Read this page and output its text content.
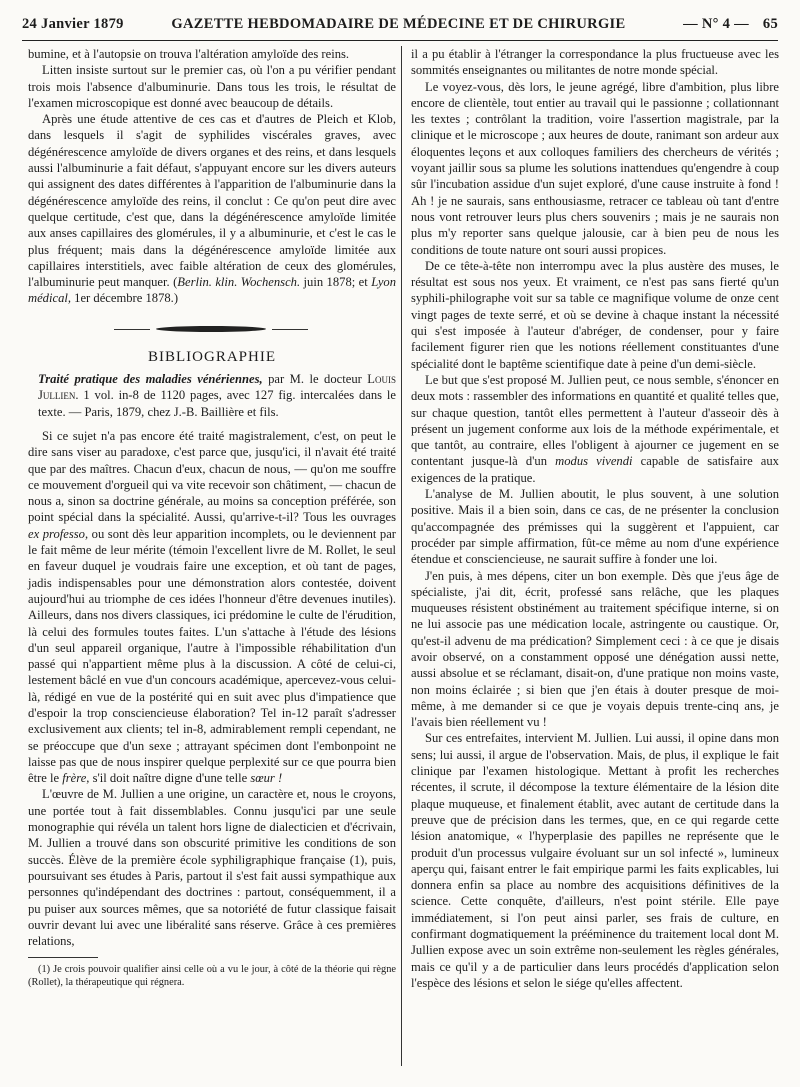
24 Janvier 1879	GAZETTE HEBDOMADAIRE DE MÉDECINE ET DE CHIRURGIE	— N° 4 — 65

bumine, et à l'autopsie on trouva l'altération amyloïde des reins.

Litten insiste surtout sur le premier cas, où l'on a pu vérifier pendant trois mois l'absence d'albuminurie. Dans tous les trois, le résultat de l'examen microscopique est donné avec beaucoup de détails.

Après une étude attentive de ces cas et d'autres de Pleich et Klob, dans lesquels il s'agit de syphilides viscérales graves, avec dégénérescence amyloïde de divers organes et des reins, et dans lesquels aussi l'albuminurie a fait défaut, s'appuyant encore sur les divers auteurs qui assignent des dates différentes à l'apparition de l'albuminurie dans la dégénérescence amyloïde des reins, il conclut : Ce qu'on peut dire avec quelque certitude, c'est que, dans la dégénérescence amyloïde limitée aux anses capillaires des glomérules, il y a albuminurie, et c'est le cas le plus fréquent; mais dans la dégénérescence amyloïde limitée aux capillaires interstitiels, avec faible altération de ceux des glomérules, l'albuminurie peut manquer. (Berlin. klin. Wochensch. juin 1878; et Lyon médical, 1er décembre 1878.)

BIBLIOGRAPHIE

Traité pratique des maladies vénériennes, par M. le docteur Louis Jullien. 1 vol. in-8 de 1120 pages, avec 127 fig. intercalées dans le texte. — Paris, 1879, chez J.-B. Baillière et fils.

Si ce sujet n'a pas encore été traité magistralement, c'est, on peut le dire sans viser au paradoxe, c'est parce que, jusqu'ici, il n'avait été traité que par des maîtres. Chacun d'eux, chacun de nous, — qu'on me souffre ce mouvement d'orgueil qui va vite recevoir son châtiment, — chacun de nous a, sinon sa doctrine générale, au moins sa conception préférée, son point spécial dans la spécialité. Aussi, qu'arrive-t-il? Tous les ouvrages ex professo, ou sont dès leur apparition incomplets, ou le deviennent par le fait même de leur mérite (témoin l'excellent livre de M. Rollet, le seul en faveur duquel je voudrais faire une exception, et où tant de pages, jadis indispensables pour une démonstration alors contestée, doivent aujourd'hui au triomphe de ces idées l'honneur d'être devenues inutiles). Ailleurs, dans nos divers classiques, ici prédomine le culte de l'érudition, là celui des formules toutes faites. L'un s'attache à l'étude des lésions d'un seul appareil organique, l'autre à l'impossible réhabilitation d'un passé qui n'appartient même plus à la discussion. A côté de celui-ci, lestement bâclé en vue d'un concours académique, apercevez-vous celui-là, rédigé en vue de la postérité qui en suit avec plus d'impatience que d'espoir la trop consciencieuse élaboration? Tel in-12 paraît s'adresser exclusivement aux clients; tel in-8, admirablement rempli cependant, ne se préoccupe que d'un sexe ; attrayant spécimen dont l'embonpoint ne laisse pas que de nous inspirer quelque perplexité sur ce que pourra bien être le frère, s'il doit naître digne d'une telle sœur !

L'œuvre de M. Jullien a une origine, un caractère et, nous le croyons, une portée tout à fait dissemblables. Connu jusqu'ici par une seule monographie qui révéla un talent hors ligne de dialecticien et d'écrivain, M. Jullien a trouvé dans son obscurité primitive les conditions de son succès. Élève de la première école syphiligraphique française (1), puis, poursuivant ses études à Paris, partout il s'est fait aussi sympathique aux personnes qu'indépendant des doctrines : partout, conséquemment, il a pu puiser aux sources mêmes, que sa notoriété de futur classique faisait ouvrir devant lui avec une libéralité sans réserve. Grâce à ces premières relations,

(1) Je crois pouvoir qualifier ainsi celle où a vu le jour, à côté de la théorie qui règne (Rollet), la thérapeutique qui régnera.

il a pu établir à l'étranger la correspondance la plus fructueuse avec les sommités enseignantes ou militantes de notre monde spécial.

Le voyez-vous, dès lors, le jeune agrégé, libre d'ambition, plus libre encore de clientèle, tout entier au travail qui le passionne ; collationnant les textes ; contrôlant la tradition, voire l'assertion magistrale, par la clinique et le microscope ; aux heures de doute, ranimant son ardeur aux éloquentes leçons et aux colloques familiers des chercheurs de vérités ; voyant jaillir sous sa plume les solutions inattendues qu'engendre à coup sûr l'incubation assidue d'un sujet exploré, d'une cause instruite à fond ! Ah ! je ne saurais, sans enthousiasme, retracer ce tableau où tant d'entre nous vont retrouver leurs plus chers souvenirs ; mais je ne saurais non plus m'y reporter sans quelque jalousie, car à bien peu de nous les conditions de toute nature ont souri aussi propices.

De ce tête-à-tête non interrompu avec la plus austère des muses, le résultat est sous nos yeux. Et vraiment, ce n'est pas sans fierté qu'un syphili-philographe voit sur sa table ce magnifique volume de onze cent vingt pages de texte serré, et où se devine à chaque instant la nécessité qui s'est imposée à l'auteur d'abréger, de condenser, pour y faire facilement figurer rien que les notions réellement constituantes d'une spécialité dont le baptême scientifique date à peine d'un demi-siècle.

Le but que s'est proposé M. Jullien peut, ce nous semble, s'énoncer en deux mots : rassembler des informations en quantité et qualité telles que, sur chaque question, tantôt elles permettent à l'auteur d'asseoir dès à présent un jugement conforme aux lois de la méthode expérimentale, et que tantôt, au contraire, elles l'obligent à ajourner ce jugement en se contentant jusque-là d'un modus vivendi capable de satisfaire aux exigences de la pratique.

L'analyse de M. Jullien aboutit, le plus souvent, à une solution positive. Mais il a bien soin, dans ce cas, de ne présenter la conclusion qu'accompagnée des prémisses qui la suggèrent et l'appuient, car procéder par simple affirmation, fût-ce même au nom d'une expérience étendue et consciencieuse, ne saurait suffire à fonder une loi.

J'en puis, à mes dépens, citer un bon exemple. Dès que j'eus âge de spécialiste, j'ai dit, écrit, professé sans relâche, que les plaques muqueuses résistent obstinément au traitement spécifique interne, si on ne lui associe pas une médication locale, astringente ou caustique. Or, qu'est-il advenu de ma prédication? Simplement ceci : à ce que je disais avoir observé, on a constamment opposé une dénégation aussi nette, aussi absolue et se réclamant, disait-on, d'une pratique non moins vaste, non moins éclairée ; si bien que j'en étais à douter presque de moi-même, à me demander si ce que je voyais depuis trente-cinq ans, je l'avais bien réellement vu !

Sur ces entrefaites, intervient M. Jullien. Lui aussi, il opine dans mon sens; lui aussi, il argue de l'observation. Mais, de plus, il explique le fait clinique par l'examen histologique. Mettant à profit les recherches récentes, il scrute, il décompose la texture élémentaire de la lésion dite plaque muqueuse, et finalement établit, avec autant de certitude dans la preuve que de précision dans les termes, que, en ce qui regarde cette lésion anatomique, « l'hyperplasie des papilles ne représente que le produit d'un processus vulgaire évoluant sur un sol infecté », lumineux aperçu qui, faisant entrer le fait empirique parmi les faits explicables, lui donnera enfin sa place au nombre des acquisitions définitives de la science. Cette conquête, d'ailleurs, n'est point stérile. Elle paye immédiatement, si l'on peut ainsi parler, ses frais de culture, en confirmant dogmatiquement la prééminence du traitement local dont M. Jullien expose avec un soin extrême non-seulement les règles générales, mais ce qu'il y a de particulier dans leurs procédés d'application selon l'espèce des lésions et selon le siége qu'elles affectent.
